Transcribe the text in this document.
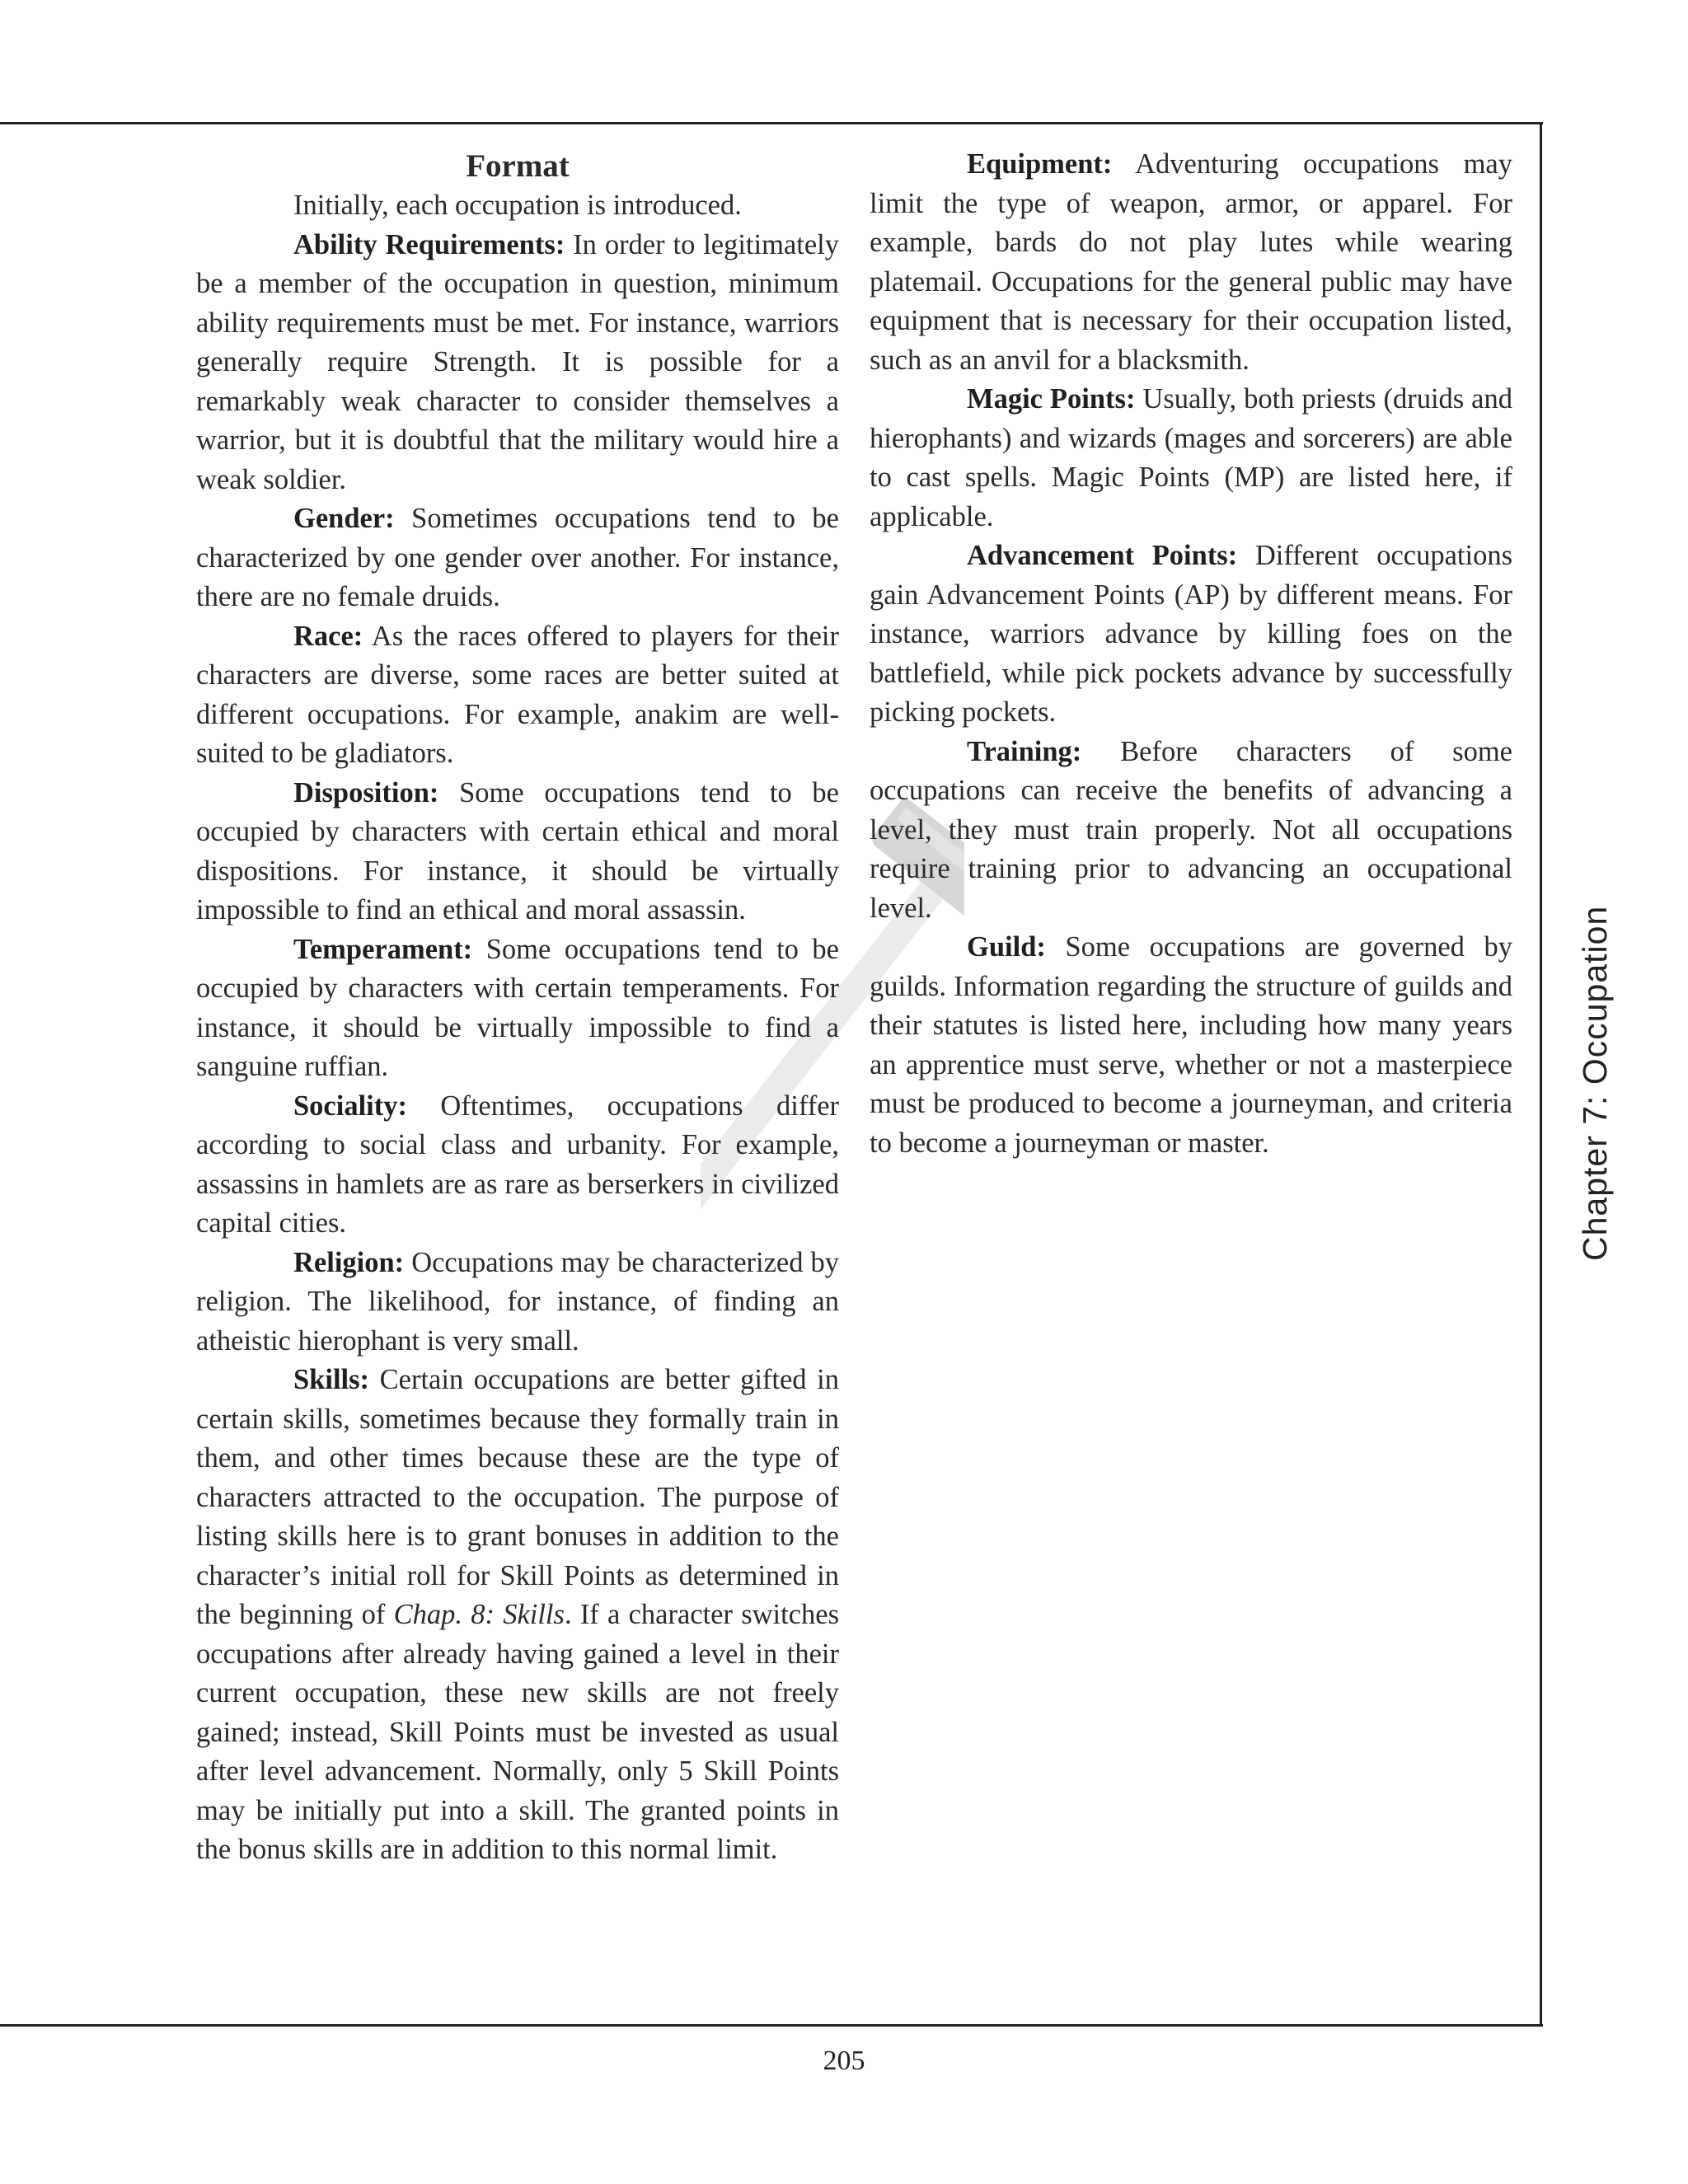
Format

Initially, each occupation is introduced.

Ability Requirements: In order to legitimately be a member of the occupation in question, minimum ability requirements must be met. For instance, warriors generally require Strength. It is possible for a remarkably weak character to consider themselves a warrior, but it is doubtful that the military would hire a weak soldier.

Gender: Sometimes occupations tend to be characterized by one gender over another. For instance, there are no female druids.

Race: As the races offered to players for their characters are diverse, some races are better suited at different occupations. For example, anakim are well-suited to be gladiators.

Disposition: Some occupations tend to be occupied by characters with certain ethical and moral dispositions. For instance, it should be virtually impossible to find an ethical and moral assassin.

Temperament: Some occupations tend to be occupied by characters with certain temperaments. For instance, it should be virtually impossible to find a sanguine ruffian.

Sociality: Oftentimes, occupations differ according to social class and urbanity. For example, assassins in hamlets are as rare as berserkers in civilized capital cities.

Religion: Occupations may be characterized by religion. The likelihood, for instance, of finding an atheistic hierophant is very small.

Skills: Certain occupations are better gifted in certain skills, sometimes because they formally train in them, and other times because these are the type of characters attracted to the occupation. The purpose of listing skills here is to grant bonuses in addition to the character’s initial roll for Skill Points as determined in the beginning of Chap. 8: Skills. If a character switches occupations after already having gained a level in their current occupation, these new skills are not freely gained; instead, Skill Points must be invested as usual after level advancement. Normally, only 5 Skill Points may be initially put into a skill. The granted points in the bonus skills are in addition to this normal limit.

Equipment: Adventuring occupations may limit the type of weapon, armor, or apparel. For example, bards do not play lutes while wearing platemail. Occupations for the general public may have equipment that is necessary for their occupation listed, such as an anvil for a blacksmith.

Magic Points: Usually, both priests (druids and hierophants) and wizards (mages and sorcerers) are able to cast spells. Magic Points (MP) are listed here, if applicable.

Advancement Points: Different occupations gain Advancement Points (AP) by different means. For instance, warriors advance by killing foes on the battlefield, while pick pockets advance by successfully picking pockets.

Training: Before characters of some occupations can receive the benefits of advancing a level, they must train properly. Not all occupations require training prior to advancing an occupational level.

Guild: Some occupations are governed by guilds. Information regarding the structure of guilds and their statutes is listed here, including how many years an apprentice must serve, whether or not a masterpiece must be produced to become a journeyman, and criteria to become a journeyman or master.	Chapter 7: Occupation
205
